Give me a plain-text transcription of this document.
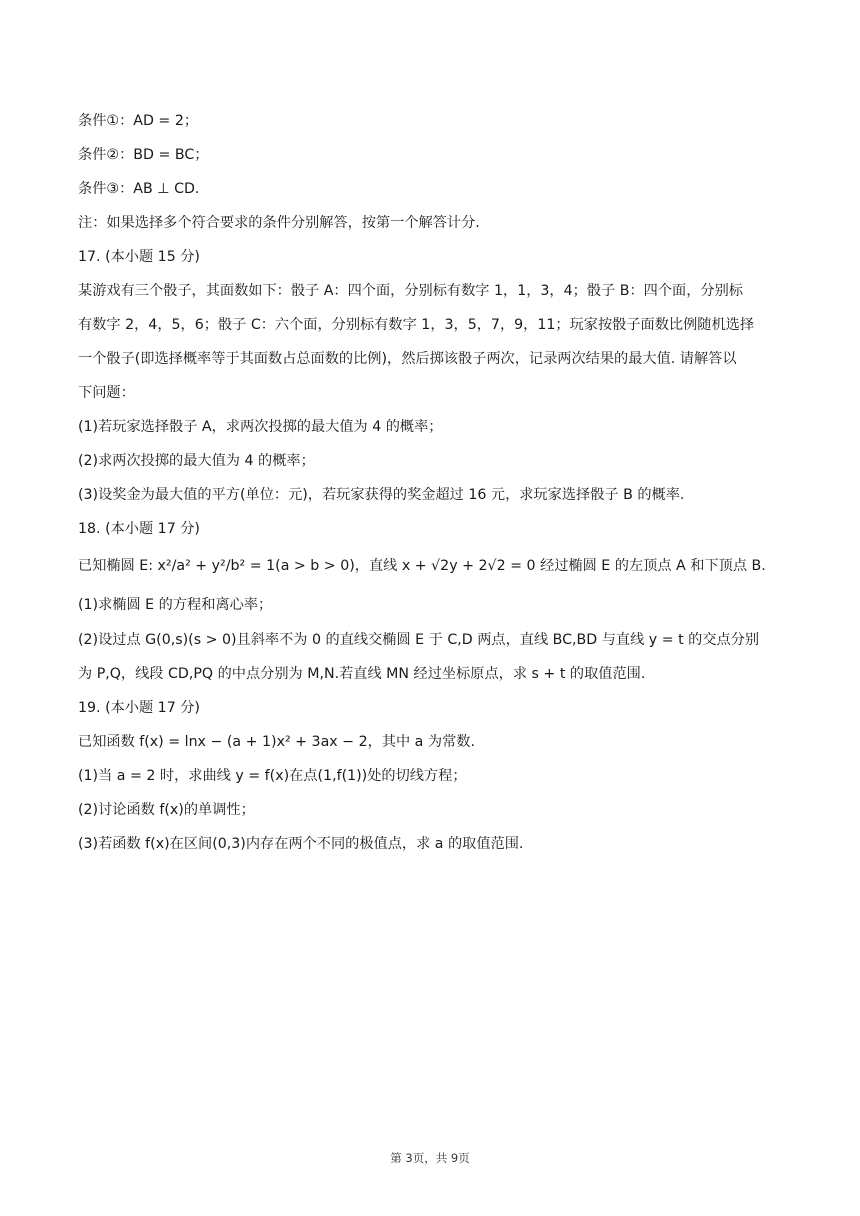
条件①：AD = 2；
条件②：BD = BC；
条件③：AB ⊥ CD.
注：如果选择多个符合要求的条件分别解答，按第一个解答计分.
17. (本小题 15 分)
某游戏有三个骰子，其面数如下：骰子 A：四个面，分别标有数字 1，1，3，4；骰子 B：四个面，分别标
有数字 2，4，5，6；骰子 C：六个面，分别标有数字 1，3，5，7，9，11；玩家按骰子面数比例随机选择
一个骰子(即选择概率等于其面数占总面数的比例)，然后掷该骰子两次，记录两次结果的最大值. 请解答以
下问题：
(1)若玩家选择骰子 A，求两次投掷的最大值为 4 的概率；
(2)求两次投掷的最大值为 4 的概率；
(3)设奖金为最大值的平方(单位：元)，若玩家获得的奖金超过 16 元，求玩家选择骰子 B 的概率.
18. (本小题 17 分)
已知椭圆 E: x²/a² + y²/b² = 1(a > b > 0)，直线 x + √2y + 2√2 = 0 经过椭圆 E 的左顶点 A 和下顶点 B.
(1)求椭圆 E 的方程和离心率；
(2)设过点 G(0,s)(s > 0)且斜率不为 0 的直线交椭圆 E 于 C,D 两点，直线 BC,BD 与直线 y = t 的交点分别
为 P,Q，线段 CD,PQ 的中点分别为 M,N.若直线 MN 经过坐标原点，求 s + t 的取值范围.
19. (本小题 17 分)
已知函数 f(x) = lnx − (a + 1)x² + 3ax − 2，其中 a 为常数.
(1)当 a = 2 时，求曲线 y = f(x)在点(1,f(1))处的切线方程；
(2)讨论函数 f(x)的单调性；
(3)若函数 f(x)在区间(0,3)内存在两个不同的极值点，求 a 的取值范围.
第 3页，共 9页
